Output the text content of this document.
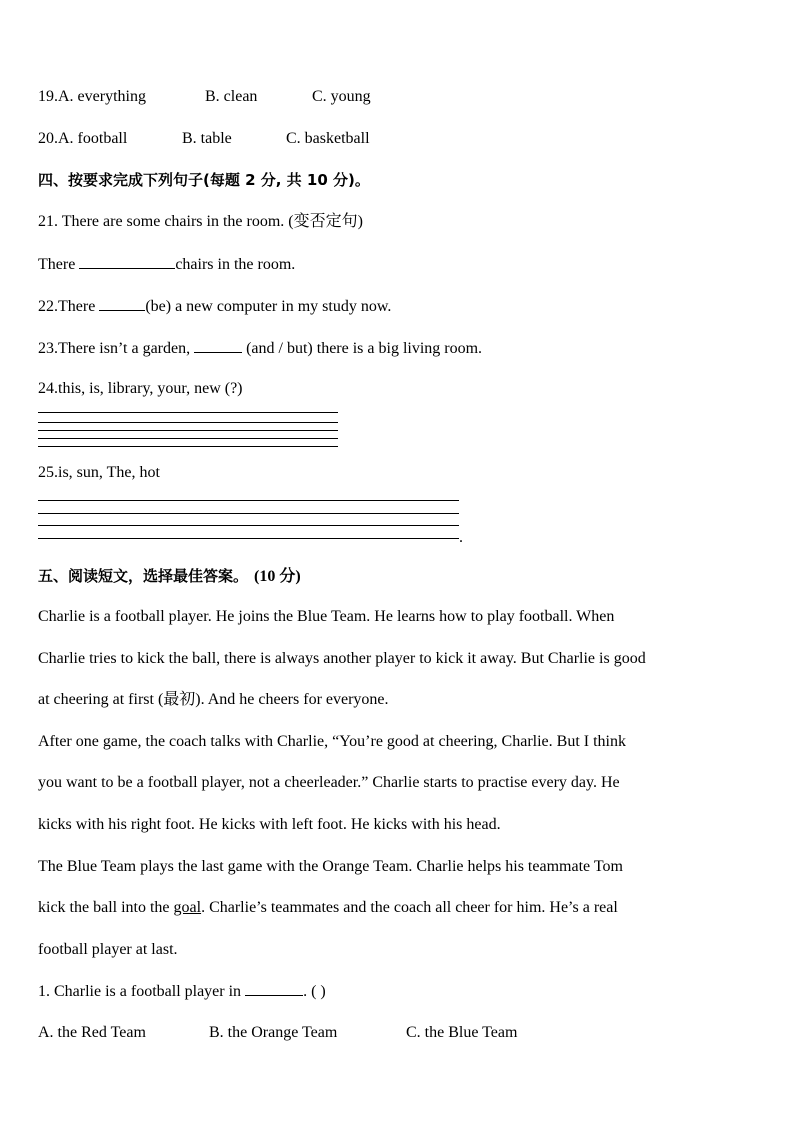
19.A. everything	B. clean	C. young
20.A. football	B. table	C. basketball
四、按要求完成下列句子(每题 2 分, 共 10 分)。
21. There are some chairs in the room. (变否定句)
There	chairs in the room.
22.There	(be) a new computer in my study now.
23.There isn’t a garden,	(and / but) there is a big living room.
24.this, is, library, your, new (?)
25.is, sun, The, hot
.
五、阅读短文，选择最佳答案。 (10 分)
Charlie is a football player. He joins the Blue Team. He learns how to play football. When
Charlie tries to kick the ball, there is always another player to kick it away. But Charlie is good
at cheering at first (最初). And he cheers for everyone.
After one game, the coach talks with Charlie, “You’re good at cheering, Charlie. But I think
you want to be a football player, not a cheerleader.” Charlie starts to practise every day. He
kicks with his right foot. He kicks with left foot. He kicks with his head.
The Blue Team plays the last game with the Orange Team. Charlie helps his teammate Tom
kick the ball into the goal. Charlie’s teammates and the coach all cheer for him. He’s a real
football player at last.
1. Charlie is a football player in	. ( )
A. the Red Team	B. the Orange Team	C. the Blue Team
